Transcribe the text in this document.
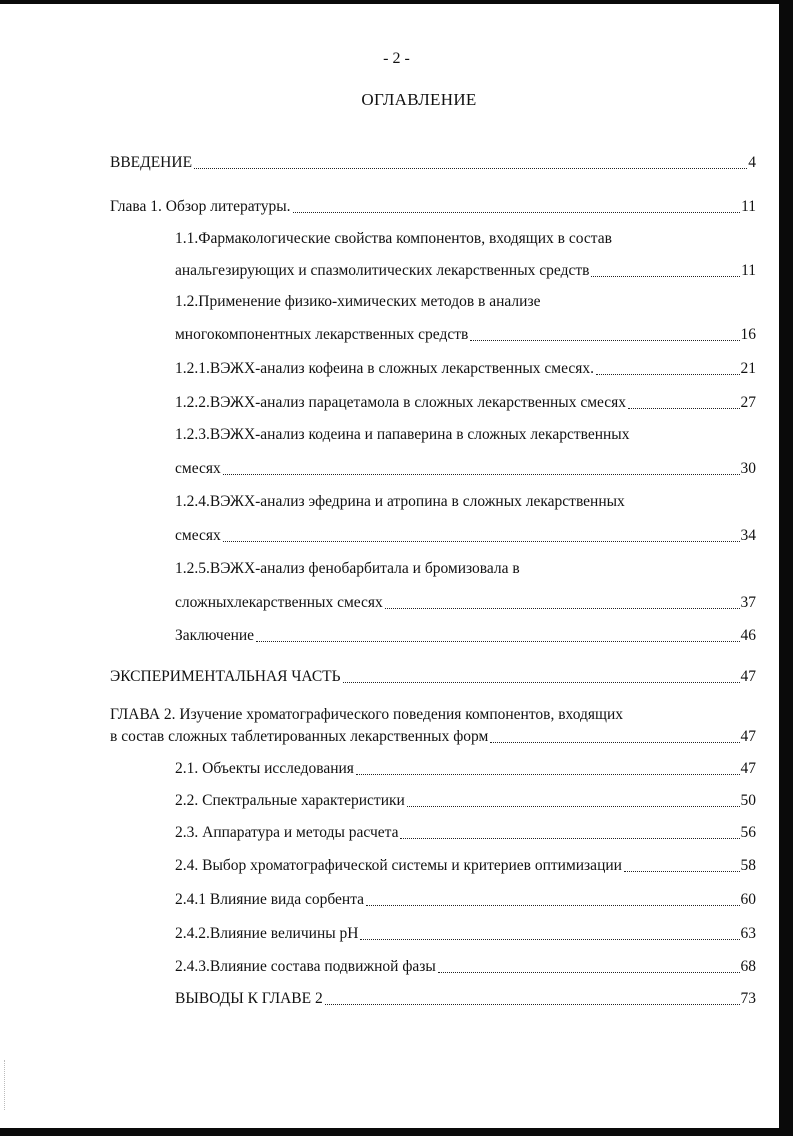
- 2 -
ОГЛАВЛЕНИЕ
ВВЕДЕНИЕ	4
Глава 1. Обзор литературы.	11
1.1.Фармакологические свойства компонентов, входящих в состав
анальгезирующих и спазмолитических лекарственных средств	11
1.2.Применение физико-химических методов в анализе
многокомпонентных лекарственных средств	16
1.2.1.ВЭЖХ-анализ кофеина в сложных лекарственных смесях.	21
1.2.2.ВЭЖХ-анализ парацетамола в сложных лекарственных смесях	27
1.2.3.ВЭЖХ-анализ кодеина и папаверина в сложных лекарственных
смесях	30
1.2.4.ВЭЖХ-анализ эфедрина и атропина в сложных лекарственных
смесях	34
1.2.5.ВЭЖХ-анализ фенобарбитала и бромизовала в
сложныхлекарственных смесях	37
Заключение	46
ЭКСПЕРИМЕНТАЛЬНАЯ ЧАСТЬ	47
ГЛАВА 2. Изучение хроматографического поведения компонентов, входящих
в состав сложных таблетированных лекарственных форм	47
2.1. Объекты исследования	47
2.2. Спектральные характеристики	50
2.3. Аппаратура и методы расчета	56
2.4. Выбор хроматографической системы и критериев оптимизации	58
2.4.1 Влияние вида сорбента	60
2.4.2.Влияние величины pH	63
2.4.3.Влияние состава подвижной фазы	68
ВЫВОДЫ К ГЛАВЕ 2	73
